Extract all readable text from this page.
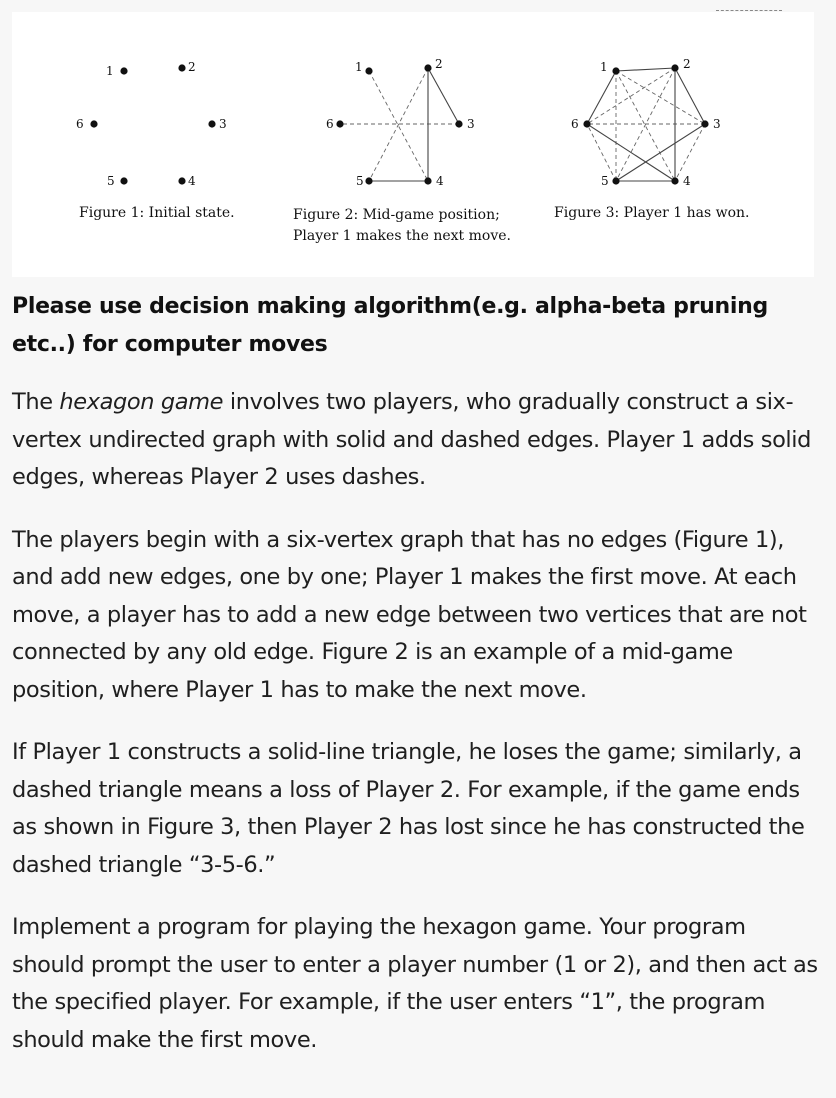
1	2
3
4
5
6
1	2
3
4
5
6
1	2
3
4
5
6
Figure 1: Initial state.	Figure 2: Mid-game position;
Player 1 makes the next move.
Figure 3: Player 1 has won.

Please use decision making algorithm(e.g. alpha-beta pruning etc..) for computer moves

The hexagon game involves two players, who gradually construct a six-vertex undirected graph with solid and dashed edges. Player 1 adds solid edges, whereas Player 2 uses dashes.

The players begin with a six-vertex graph that has no edges (Figure 1), and add new edges, one by one; Player 1 makes the first move. At each move, a player has to add a new edge between two vertices that are not connected by any old edge. Figure 2 is an example of a mid-game position, where Player 1 has to make the next move.

If Player 1 constructs a solid-line triangle, he loses the game; similarly, a dashed triangle means a loss of Player 2. For example, if the game ends as shown in Figure 3, then Player 2 has lost since he has constructed the dashed triangle “3-5-6.”

Implement a program for playing the hexagon game. Your program should prompt the user to enter a player number (1 or 2), and then act as the specified player. For example, if the user enters “1”, the program should make the first move.
